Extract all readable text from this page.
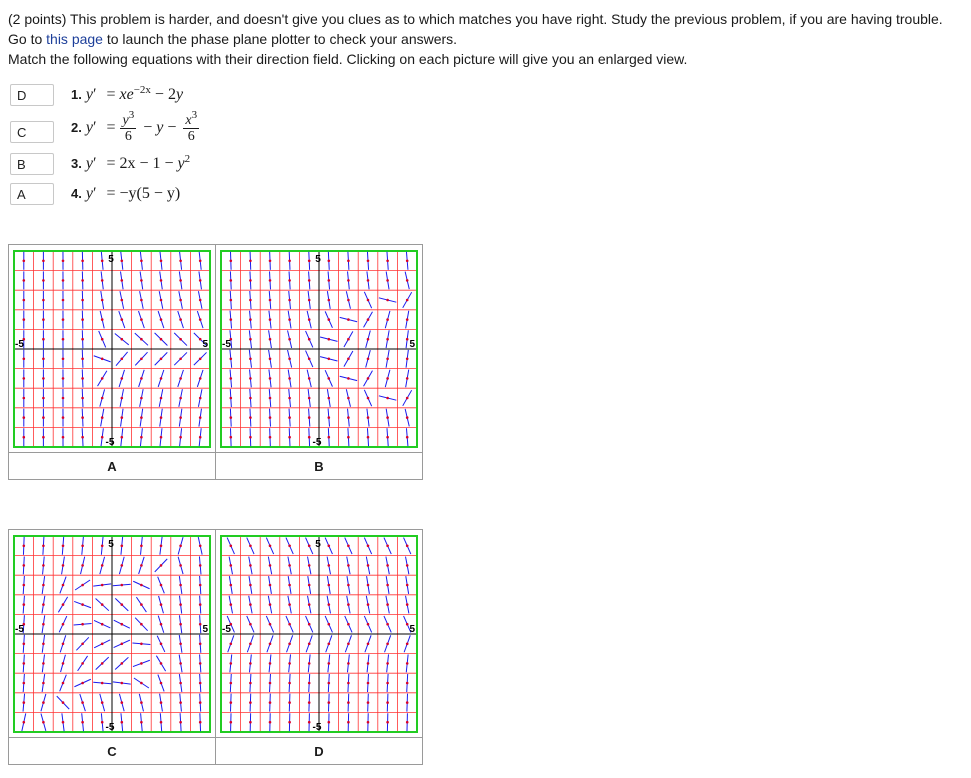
(2 points) This problem is harder, and doesn't give you clues as to which matches you have right. Study the previous problem, if you are having trouble.
Go to this page to launch the phase plane plotter to check your answers.
Match the following equations with their direction field. Clicking on each picture will give you an enlarged view.
D
1. $y' = xe^{-2x} - 2y$
C
2. $y' = \frac{y^3}{6} - y - \frac{x^3}{6}$
B
3. $y' = 2x - 1 - y^2$
A
4. y′ = −y(5 − y)
5
-5
-5 5	5
-5
-5 5

A	B
5
-5
-5 5	5
-5
-5 5

C	D
